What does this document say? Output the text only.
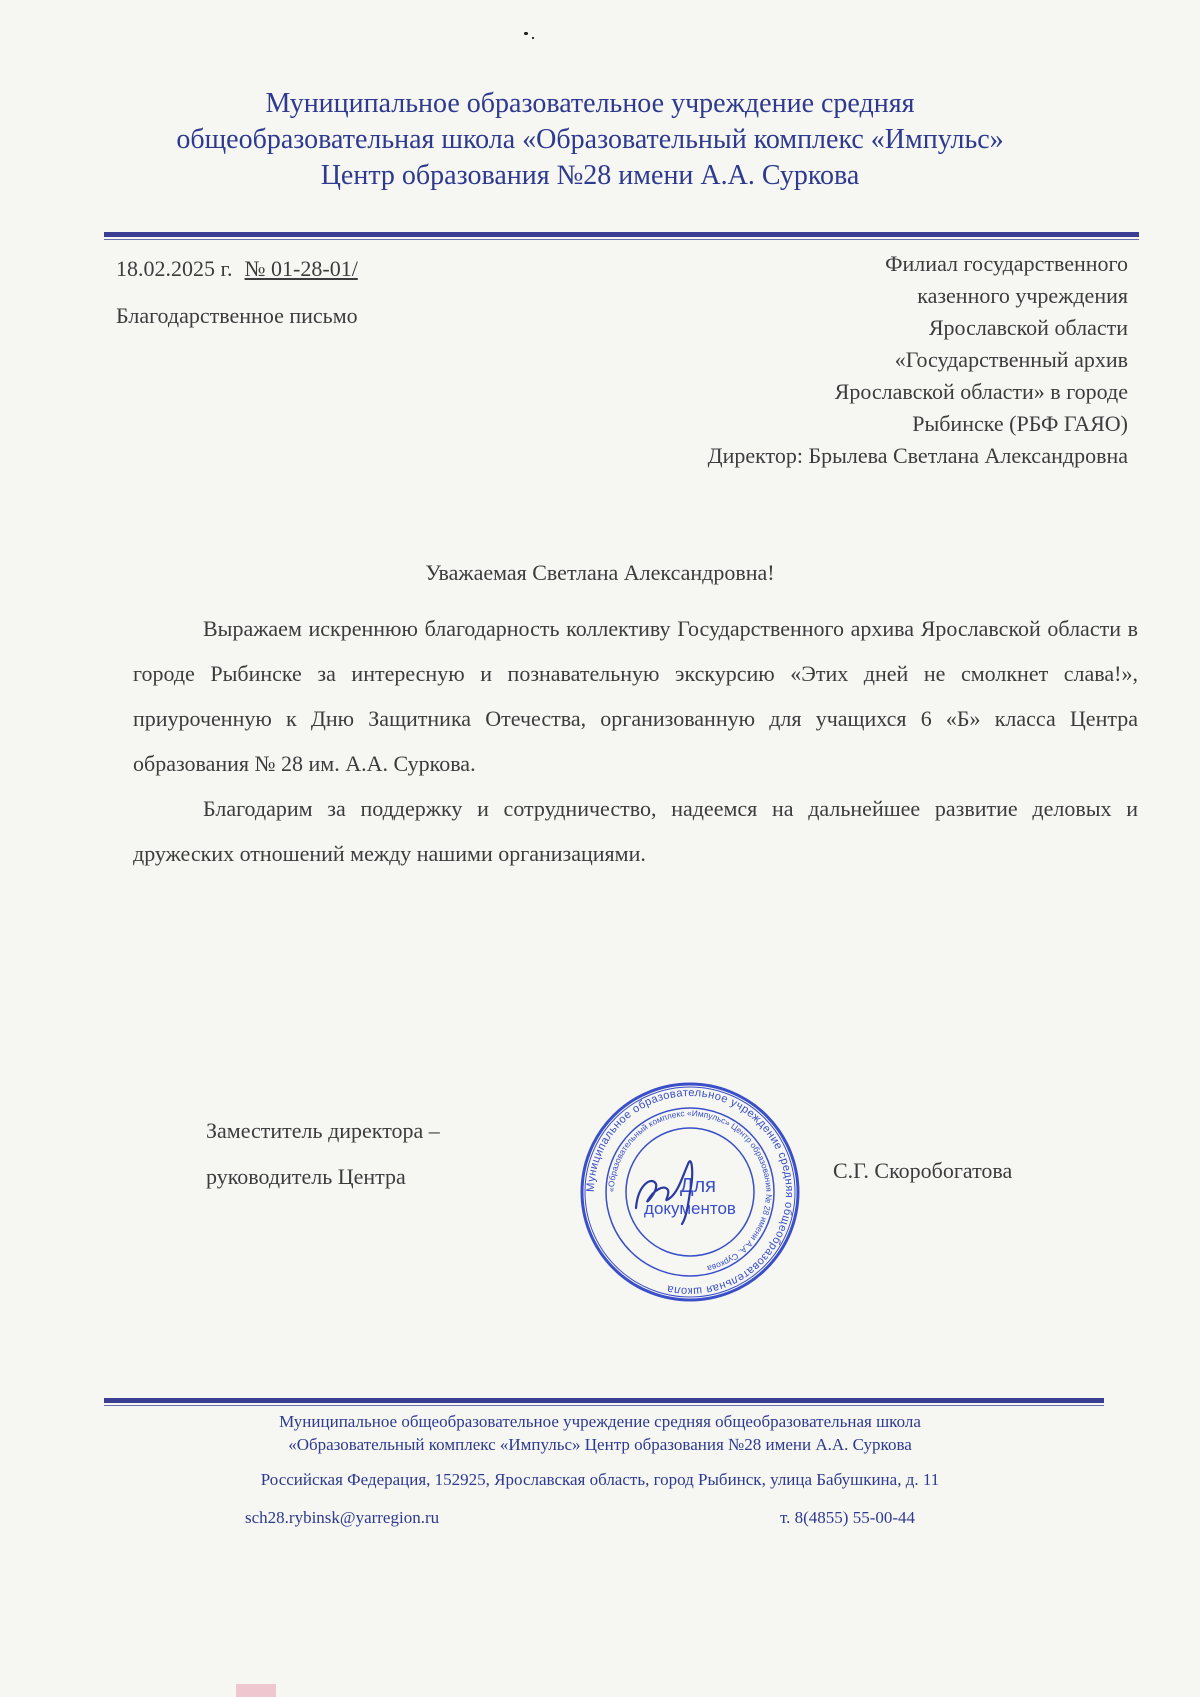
Муниципальное образовательное учреждение средняя
общеобразовательная школа «Образовательный комплекс «Импульс»
Центр образования №28 имени А.А. Суркова
18.02.2025 г. № 01-28-01/
Благодарственное письмо
Филиал государственного
казенного учреждения
Ярославской области
«Государственный архив
Ярославской области» в городе
Рыбинске (РБФ ГАЯО)
Директор: Брылева Светлана Александровна
Уважаемая Светлана Александровна!

Выражаем искреннюю благодарность коллективу Государственного архива Ярославской области в городе Рыбинске за интересную и познавательную экскурсию «Этих дней не смолкнет слава!», приуроченную к Дню Защитника Отечества, организованную для учащихся 6 «Б» класса Центра образования № 28 им. А.А. Суркова.

Благодарим за поддержку и сотрудничество, надеемся на дальнейшее развитие деловых и дружеских отношений между нашими организациями.

Заместитель директора –
руководитель Центра	Муниципальное образовательное учреждение средняя общеобразовательная школа
«Образовательный комплекс «Импульс» Центр образования № 28 имени А.А. Суркова
Для
документов
С.Г. Скоробогатова
Муниципальное общеобразовательное учреждение средняя общеобразовательная школа
«Образовательный комплекс «Импульс» Центр образования №28 имени А.А. Суркова
Российская Федерация, 152925, Ярославская область, город Рыбинск, улица Бабушкина, д. 11
sch28.rybinsk@yarregion.ru	т. 8(4855) 55-00-44
